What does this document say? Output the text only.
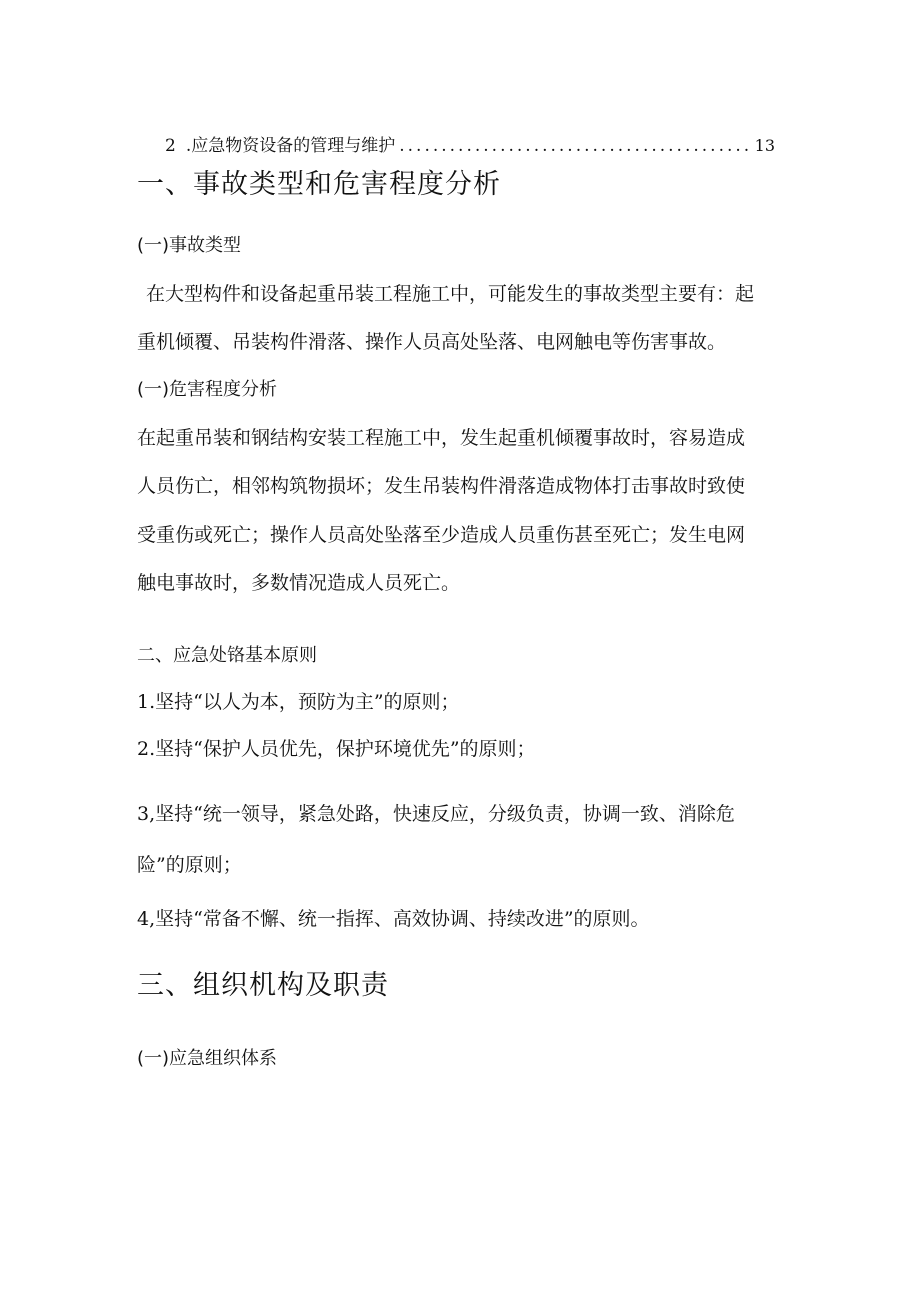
2 .应急物资设备的管理与维护
.....	13
一、事故类型和危害程度分析
(一)事故类型
在大型构件和设备起重吊装工程施工中，可能发生的事故类型主要有：起
重机倾覆、吊装构件滑落、操作人员高处坠落、电网触电等伤害事故。
(一)危害程度分析
在起重吊装和钢结构安装工程施工中，发生起重机倾覆事故时，容易造成
人员伤亡，相邻构筑物损坏；发生吊装构件滑落造成物体打击事故时致使
受重伤或死亡；操作人员高处坠落至少造成人员重伤甚至死亡；发生电网
触电事故时，多数情况造成人员死亡。
二、应急处铬基本原则
1.坚持“以人为本，预防为主”的原则；
2.坚持“保护人员优先，保护环境优先”的原则；
3,坚持“统一领导，紧急处路，快速反应，分级负责，协调一致、消除危
险”的原则；
4,坚持“常备不懈、统一指挥、高效协调、持续改进”的原则。
三、组织机构及职责
(一)应急组织体系
